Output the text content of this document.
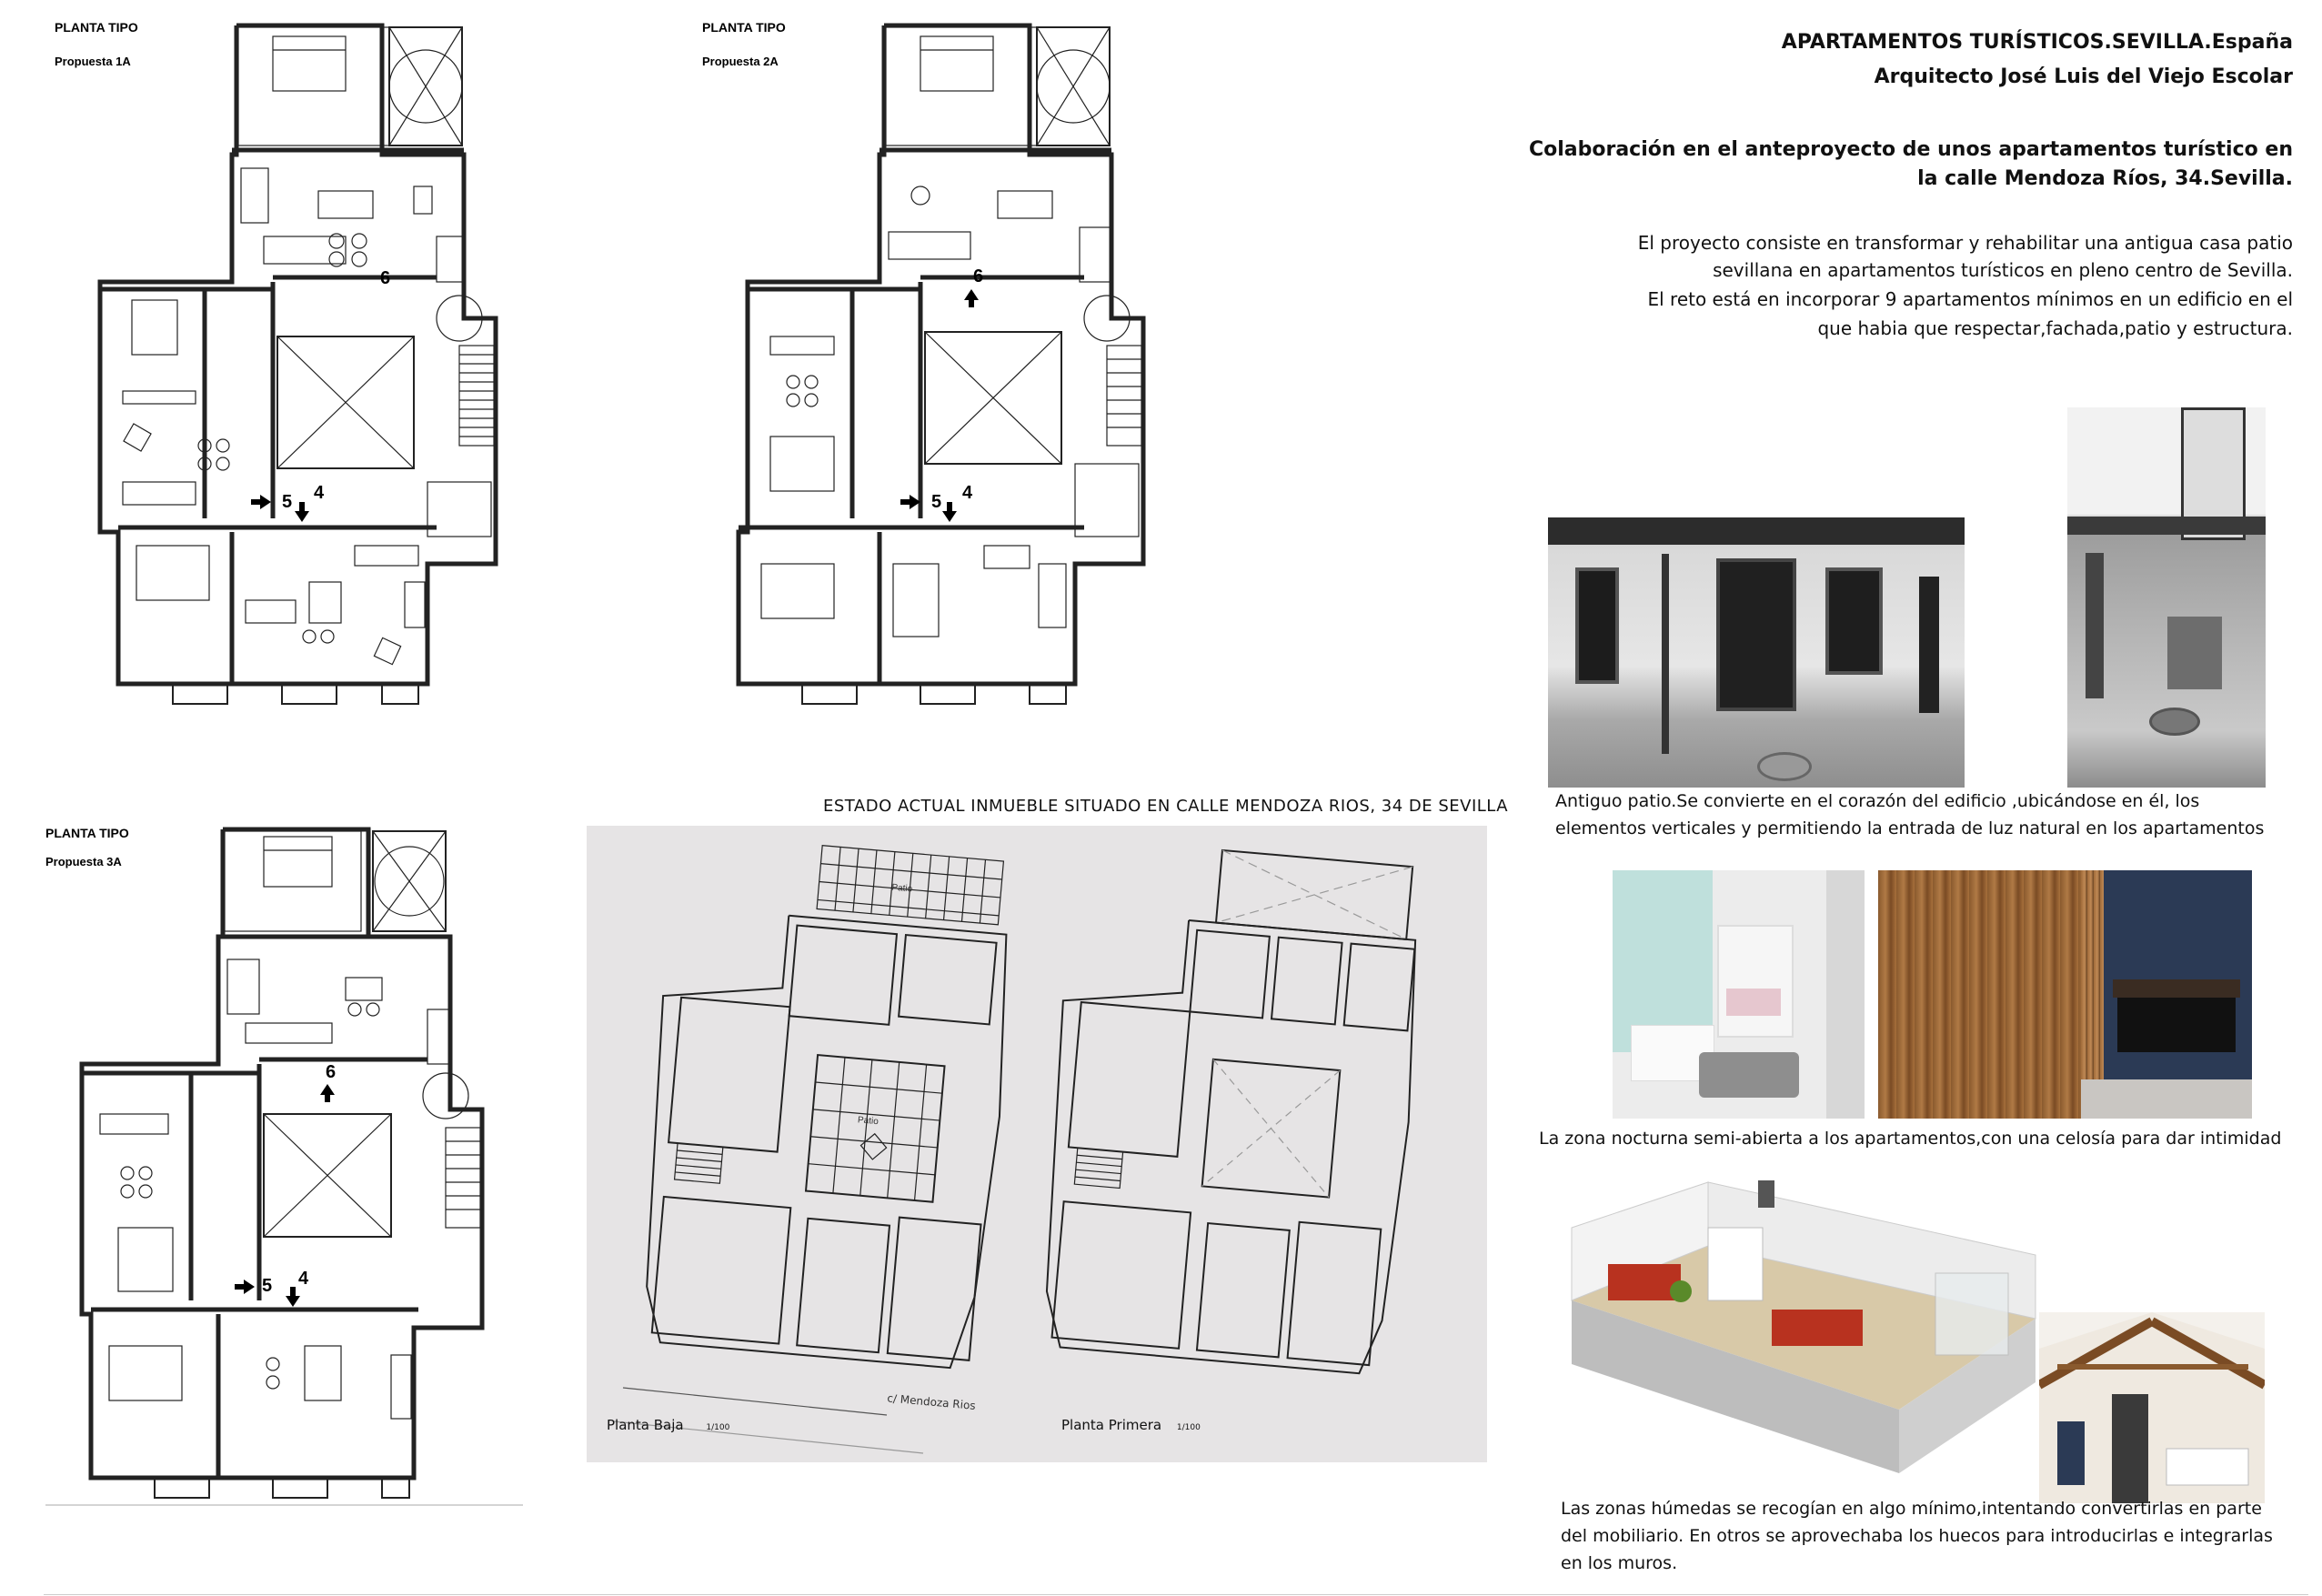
PLANTA TIPO
Propuesta 1A
6
5 4
PLANTA TIPO
Propuesta 2A
6
5 4
PLANTA TIPO
Propuesta 3A
6
5 4
ESTADO ACTUAL INMUEBLE SITUADO EN CALLE MENDOZA RIOS, 34 DE SEVILLA
Patio
Patio
c/ Mendoza Rios
Planta Baja	1/100	Planta Primera 1/100
APARTAMENTOS TURÍSTICOS.SEVILLA.España
Arquitecto José Luis del Viejo Escolar
Colaboración en el anteproyecto de unos apartamentos turístico en
la calle Mendoza Ríos, 34.Sevilla.
El proyecto consiste en transformar y rehabilitar una antigua casa patio
sevillana en apartamentos turísticos en pleno centro de Sevilla.
El reto está en incorporar 9 apartamentos mínimos en un edificio en el
que habia que respectar,fachada,patio y estructura.
Antiguo patio.Se convierte en el corazón del edificio ,ubicándose en él, los
elementos verticales y permitiendo la entrada de luz natural en los apartamentos
La zona nocturna semi-abierta a los apartamentos,con una celosía para dar intimidad
Las zonas húmedas se recogían en algo mínimo,intentando convertirlas en parte
del mobiliario. En otros se aprovechaba los huecos para introducirlas e integrarlas
en los muros.
